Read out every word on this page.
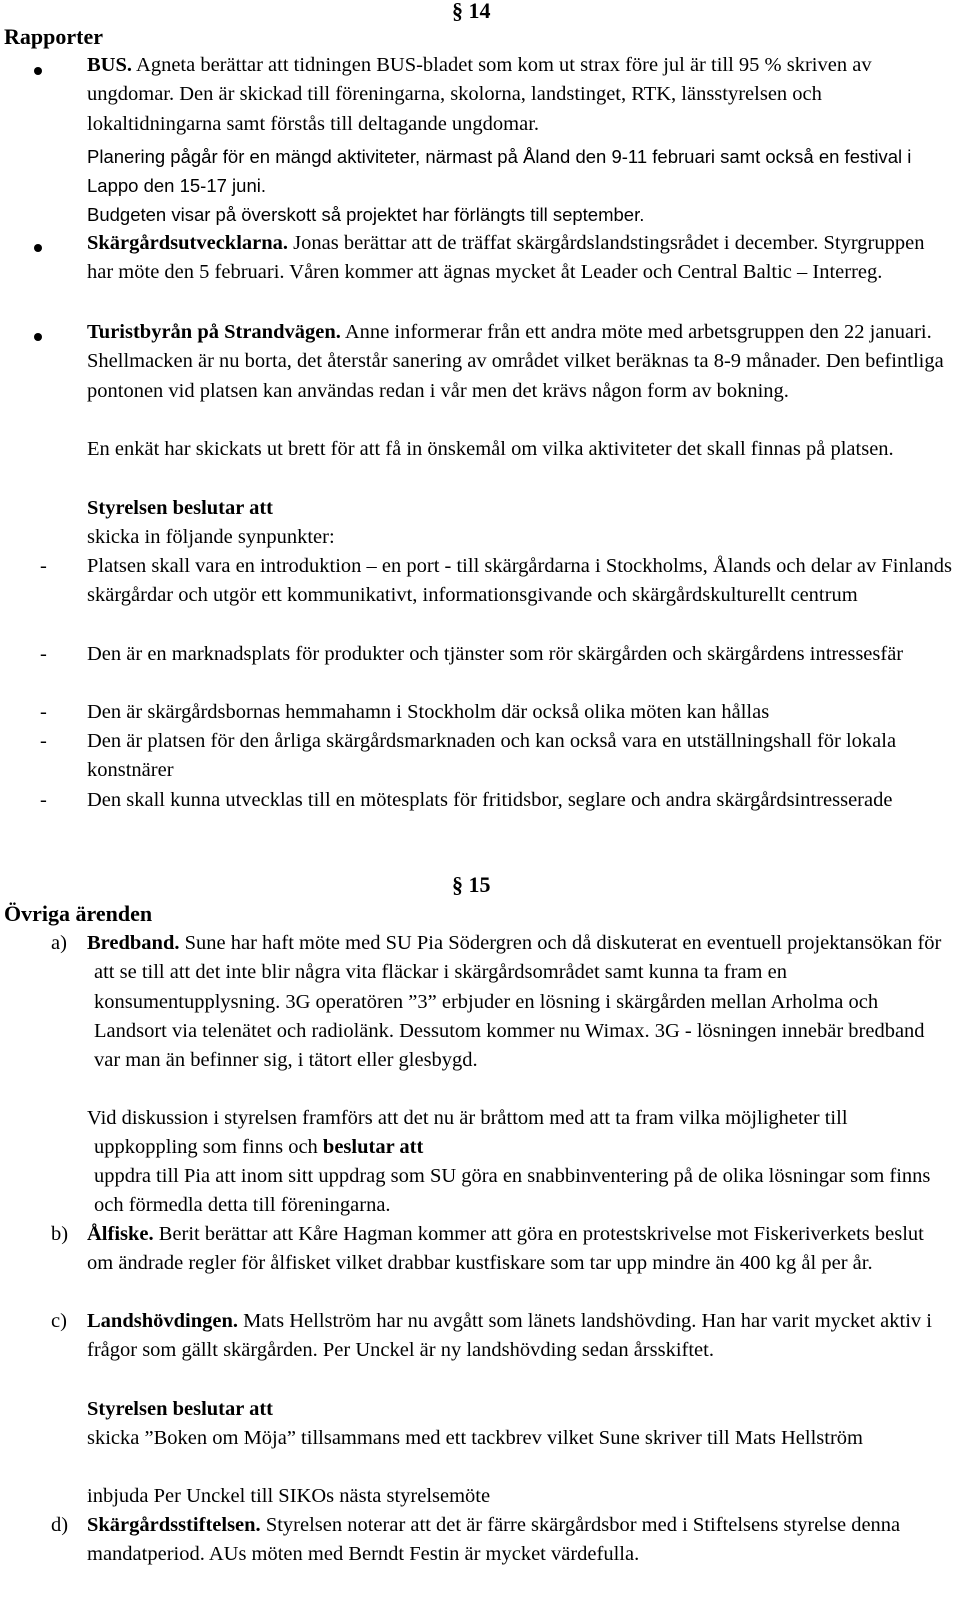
§ 14
Rapporter
BUS. Agneta berättar att tidningen BUS-bladet som kom ut strax före jul är till 95 % skriven av ungdomar. Den är skickad till föreningarna, skolorna, landstinget, RTK, länsstyrelsen och lokaltidningarna samt förstås till deltagande ungdomar.
Planering pågår för en mängd aktiviteter, närmast på Åland den 9-11 februari samt också en festival i Lappo den 15-17 juni.
Budgeten visar på överskott så projektet har förlängts till september.
Skärgårdsutvecklarna. Jonas berättar att de träffat skärgårdslandstingsrådet i december. Styrgruppen har möte den 5 februari. Våren kommer att ägnas mycket åt Leader och Central Baltic – Interreg.
Turistbyrån på Strandvägen. Anne informerar från ett andra möte med arbetsgruppen den 22 januari. Shellmacken är nu borta, det återstår sanering av området vilket beräknas ta 8-9 månader. Den befintliga pontonen vid platsen kan användas redan i vår men det krävs någon form av bokning.
En enkät har skickats ut brett för att få in önskemål om vilka aktiviteter det skall finnas på platsen.
Styrelsen beslutar att
skicka in följande synpunkter:
- Platsen skall vara en introduktion – en port - till skärgårdarna i Stockholms, Ålands och delar av Finlands skärgårdar och utgör ett kommunikativt, informationsgivande och skärgårdskulturellt centrum
- Den är en marknadsplats för produkter och tjänster som rör skärgården och skärgårdens intressesfär
- Den är skärgårdsbornas hemmahamn i Stockholm där också olika möten kan hållas
- Den är platsen för den årliga skärgårdsmarknaden och kan också vara en utställningshall för lokala konstnärer
- Den skall kunna utvecklas till en mötesplats för fritidsbor, seglare och andra skärgårdsintresserade
§ 15
Övriga ärenden
a) Bredband. Sune har haft möte med SU Pia Södergren och då diskuterat en eventuell projektansökan för att se till att det inte blir några vita fläckar i skärgårdsområdet samt kunna ta fram en konsumentupplysning. 3G operatören ”3” erbjuder en lösning i skärgården mellan Arholma och Landsort via telenätet och radiolänk. Dessutom kommer nu Wimax. 3G - lösningen innebär bredband var man än befinner sig, i tätort eller glesbygd.
Vid diskussion i styrelsen framförs att det nu är bråttom med att ta fram vilka möjligheter till uppkoppling som finns och beslutar att
uppdra till Pia att inom sitt uppdrag som SU göra en snabbinventering på de olika lösningar som finns och förmedla detta till föreningarna.
b) Ålfiske. Berit berättar att Kåre Hagman kommer att göra en protestskrivelse mot Fiskeriverkets beslut om ändrade regler för ålfisket vilket drabbar kustfiskare som tar upp mindre än 400 kg ål per år.
c) Landshövdingen. Mats Hellström har nu avgått som länets landshövding. Han har varit mycket aktiv i frågor som gällt skärgården. Per Unckel är ny landshövding sedan årsskiftet.
Styrelsen beslutar att
skicka ”Boken om Möja” tillsammans med ett tackbrev vilket Sune skriver till Mats Hellström
inbjuda Per Unckel till SIKOs nästa styrelsemöte
d) Skärgårdsstiftelsen. Styrelsen noterar att det är färre skärgårdsbor med i Stiftelsens styrelse denna mandatperiod. AUs möten med Berndt Festin är mycket värdefulla.
